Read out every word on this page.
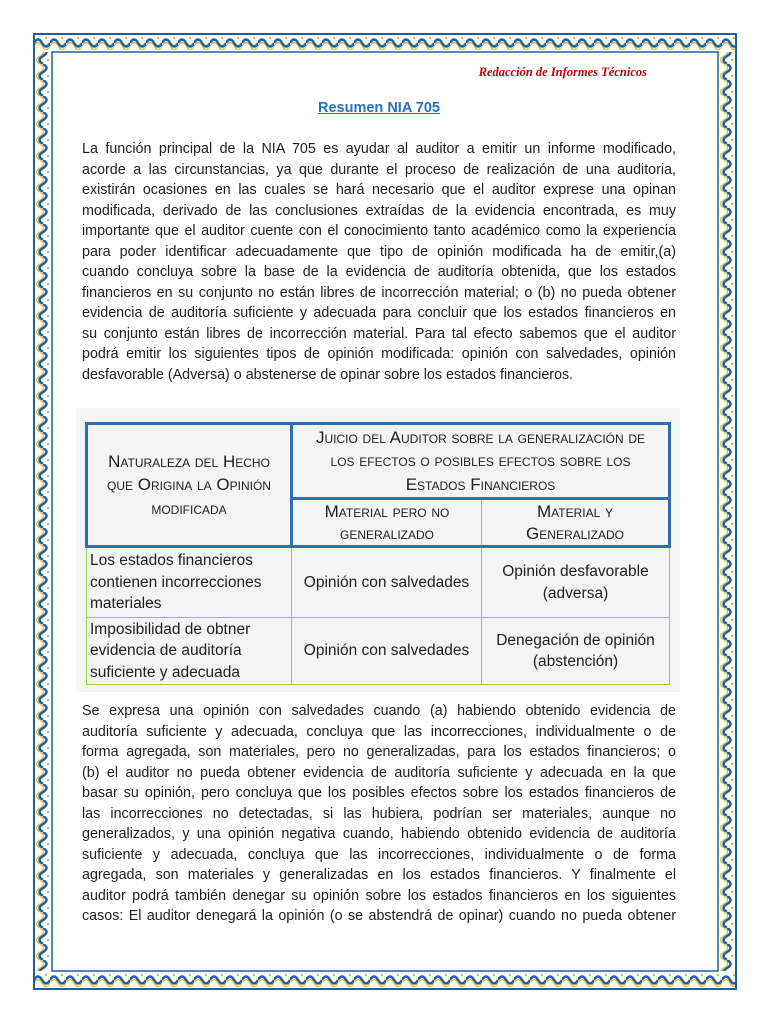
Redacción de Informes Técnicos
Resumen NIA 705
La función principal de la NIA 705 es ayudar al auditor a emitir un informe modificado,
acorde a las circunstancias, ya que durante el proceso de realización de una auditoria,
existirán ocasiones en las cuales se hará necesario que el auditor exprese una opinan
modificada, derivado de las conclusiones extraídas de la evidencia encontrada, es muy
importante que el auditor cuente con el conocimiento tanto académico como la experiencia
para poder identificar adecuadamente que tipo de opinión modificada ha de emitir,(a)
cuando concluya sobre la base de la evidencia de auditoría obtenida, que los estados
financieros en su conjunto no están libres de incorrección material; o (b) no pueda obtener
evidencia de auditoría suficiente y adecuada para concluir que los estados financieros en
su conjunto están libres de incorrección material. Para tal efecto sabemos que el auditor
podrá emitir los siguientes tipos de opinión modificada: opinión con salvedades, opinión
desfavorable (Adversa) o abstenerse de opinar sobre los estados financieros.
Naturaleza del Hecho
que Origina la Opinión
modificada	Juicio del Auditor sobre la generalización de
los efectos o posibles efectos sobre los
Estados Financieros	

	Material pero no
generalizado	Material y
Generalizado

Los estados financieros
contienen incorrecciones
materiales	Opinión con salvedades	Opinión desfavorable
(adversa)

Imposibilidad de obtner
evidencia de auditoría
suficiente y adecuada	Opinión con salvedades	Denegación de opinión
(abstención)
Se expresa una opinión con salvedades cuando (a) habiendo obtenido evidencia de
auditoría suficiente y adecuada, concluya que las incorrecciones, individualmente o de
forma agregada, son materiales, pero no generalizadas, para los estados financieros; o
(b) el auditor no pueda obtener evidencia de auditoría suficiente y adecuada en la que
basar su opinión, pero concluya que los posibles efectos sobre los estados financieros de
las incorrecciones no detectadas, si las hubiera, podrían ser materiales, aunque no
generalizados, y una opinión negativa cuando, habiendo obtenido evidencia de auditoría
suficiente y adecuada, concluya que las incorrecciones, individualmente o de forma
agregada, son materiales y generalizadas en los estados financieros. Y finalmente el
auditor podrá también denegar su opinión sobre los estados financieros en los siguientes
casos: El auditor denegará la opinión (o se abstendrá de opinar) cuando no pueda obtener
